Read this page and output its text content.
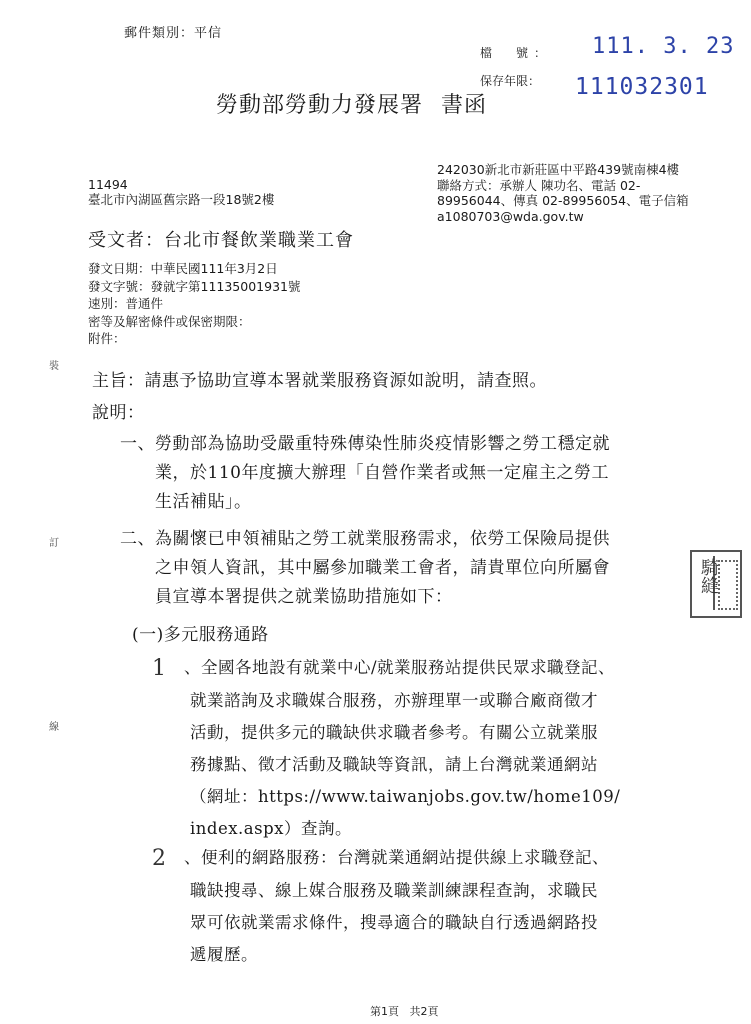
郵件類別：平信
檔　號：
保存年限：
111. 3. 23
111032301
勞動部勞動力發展署 書函
242030新北市新莊區中平路439號南棟4樓
聯絡方式：承辦人 陳功名、電話 02-
89956044、傳真 02-89956054、電子信箱
a1080703@wda.gov.tw
11494
臺北市內湖區舊宗路一段18號2樓
受文者：台北市餐飲業職業工會
發文日期：中華民國111年3月2日
發文字號：發就字第11135001931號
速別：普通件
密等及解密條件或保密期限：
附件：
裝
訂
線
騎縫
主旨：請惠予協助宣導本署就業服務資源如說明，請查照。
說明：
一、勞動部為協助受嚴重特殊傳染性肺炎疫情影響之勞工穩定就
　　業，於110年度擴大辦理「自營作業者或無一定雇主之勞工
　　生活補貼」。
二、為關懷已申領補貼之勞工就業服務需求，依勞工保險局提供
　　之申領人資訊，其中屬參加職業工會者，請貴單位向所屬會
　　員宣導本署提供之就業協助措施如下：
(一)多元服務通路
1 、全國各地設有就業中心/就業服務站提供民眾求職登記、
就業諮詢及求職媒合服務，亦辦理單一或聯合廠商徵才
活動，提供多元的職缺供求職者參考。有關公立就業服
務據點、徵才活動及職缺等資訊，請上台灣就業通網站
（網址：https://www.taiwanjobs.gov.tw/home109/
index.aspx）查詢。
2 、便利的網路服務：台灣就業通網站提供線上求職登記、
職缺搜尋、線上媒合服務及職業訓練課程查詢，求職民
眾可依就業需求條件，搜尋適合的職缺自行透過網路投
遞履歷。
第1頁 共2頁
